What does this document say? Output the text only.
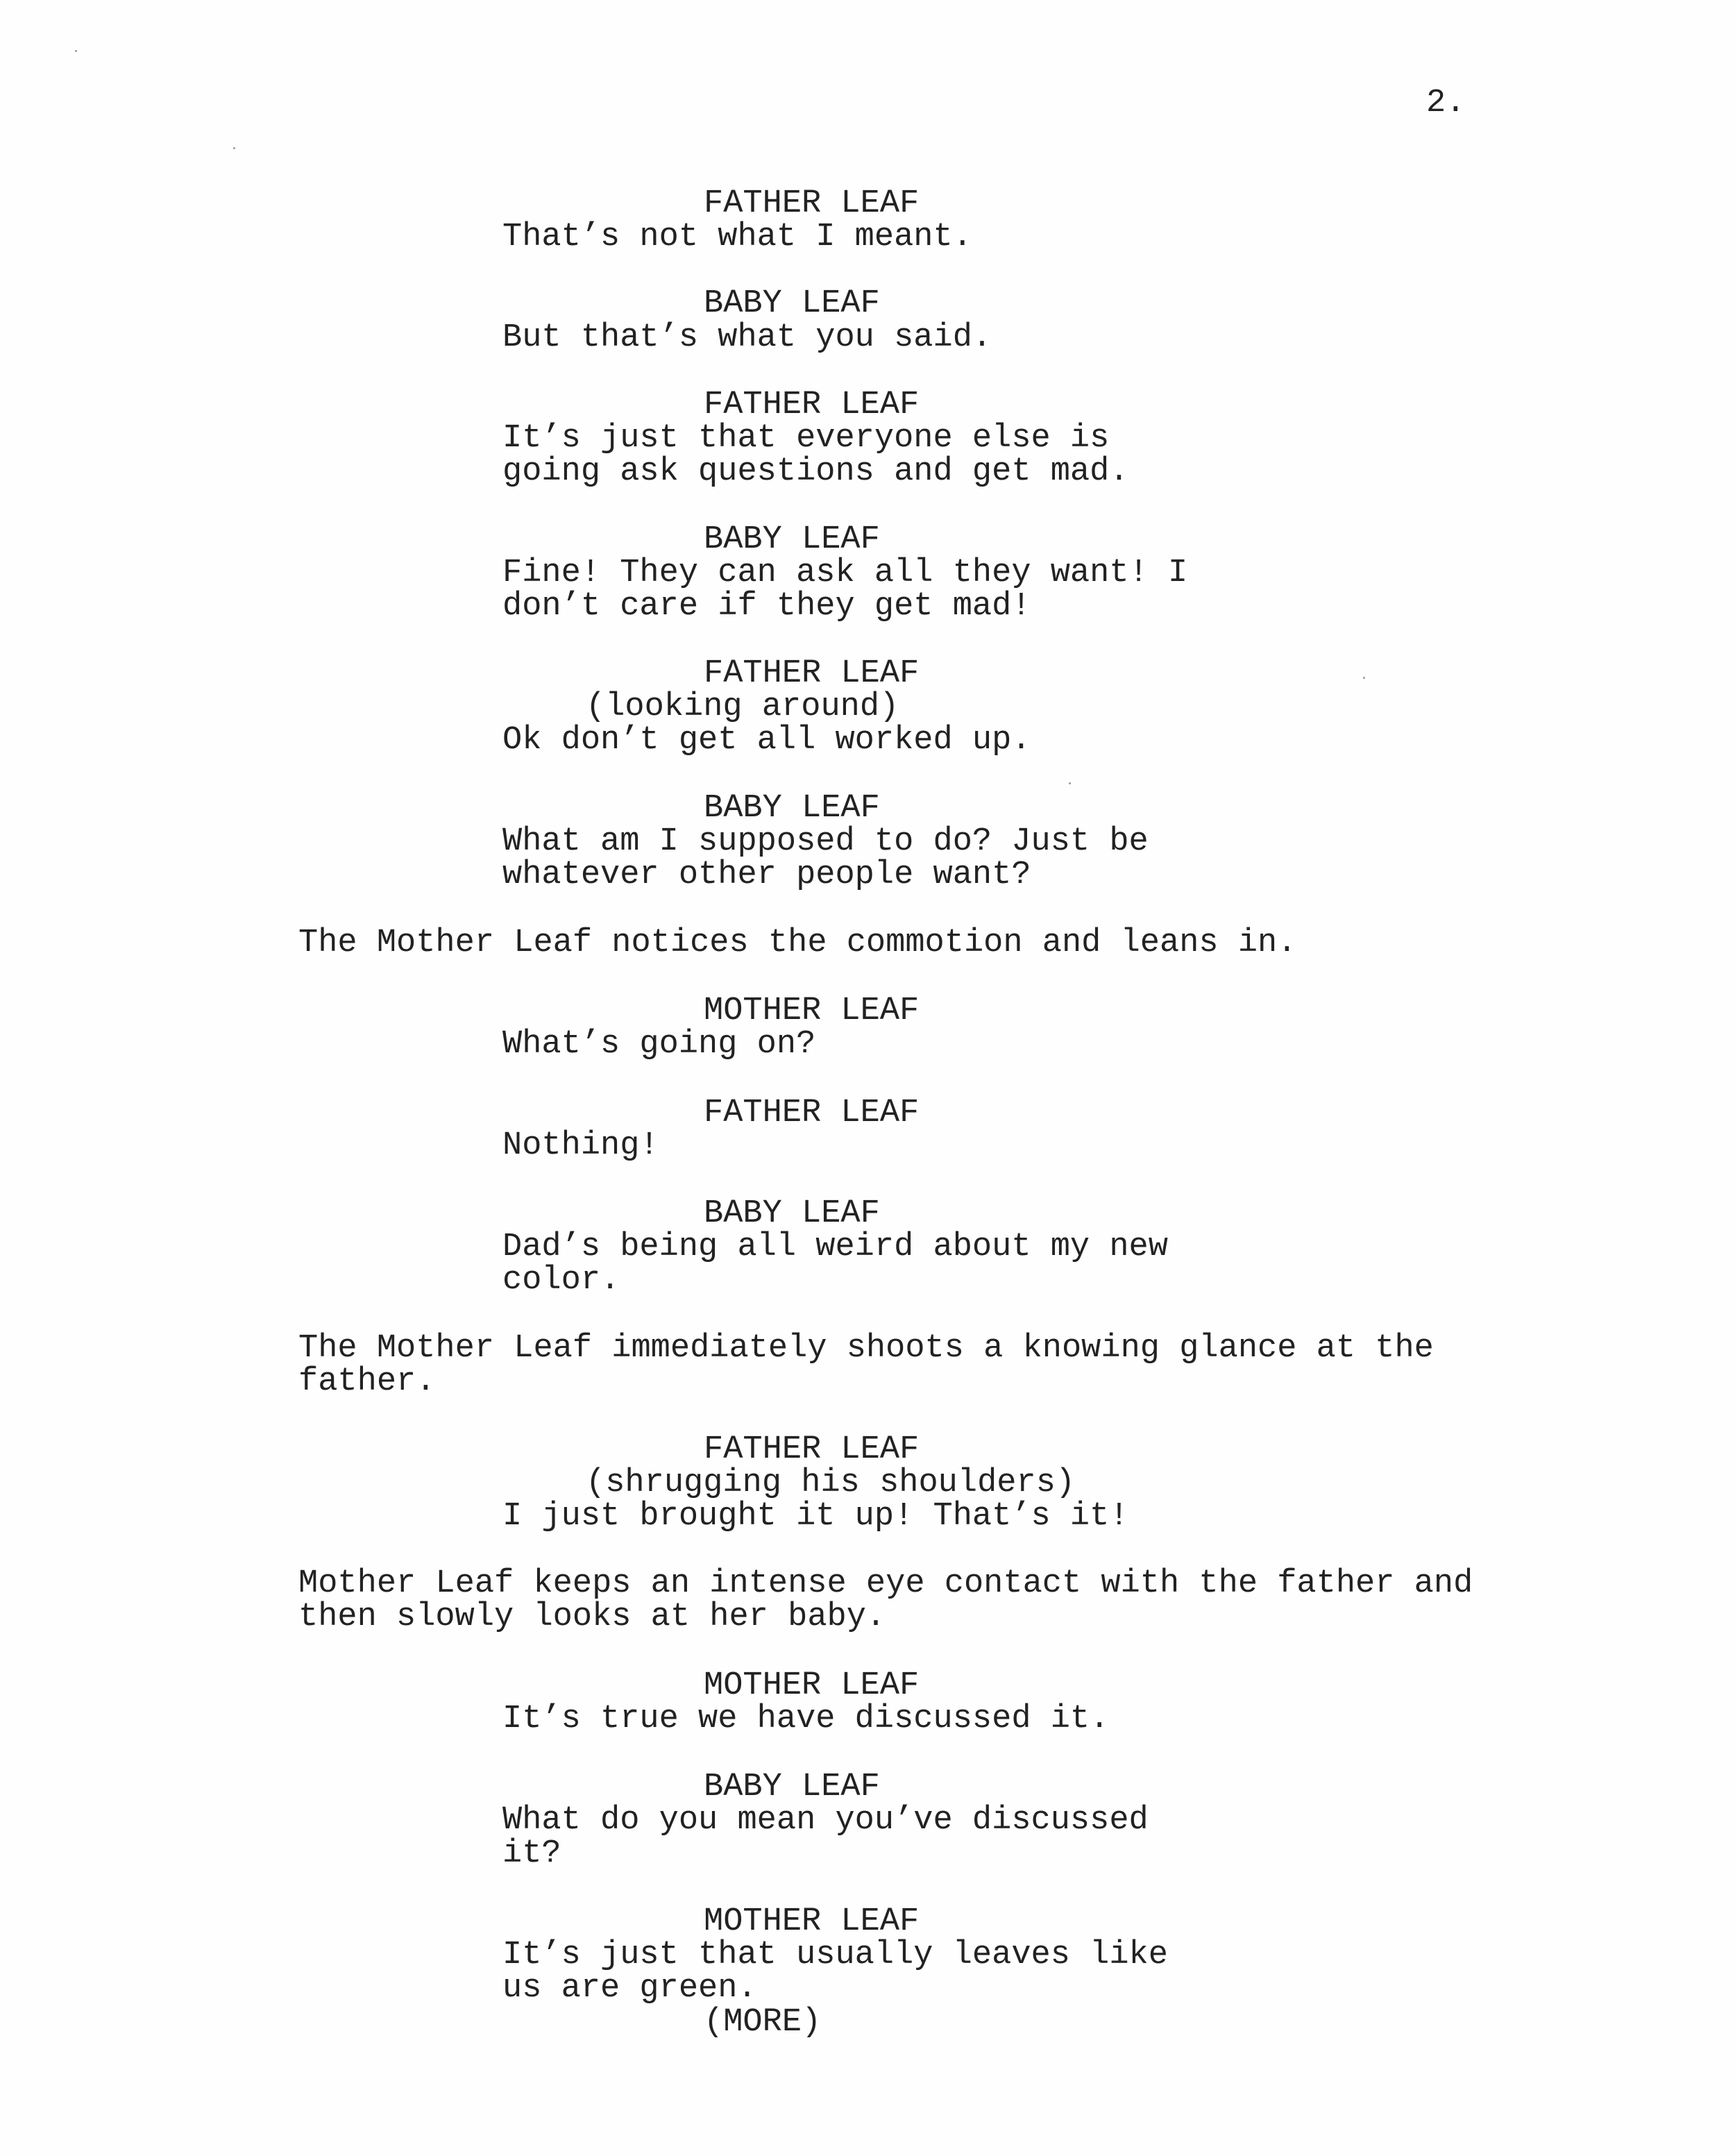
2.
FATHER LEAF
That’s not what I meant.
BABY LEAF
But that’s what you said.
FATHER LEAF
It’s just that everyone else is
going ask questions and get mad.
BABY LEAF
Fine! They can ask all they want! I
don’t care if they get mad!
FATHER LEAF
(looking around)
Ok don’t get all worked up.
BABY LEAF
What am I supposed to do? Just be
whatever other people want?
The Mother Leaf notices the commotion and leans in.
MOTHER LEAF
What’s going on?
FATHER LEAF
Nothing!
BABY LEAF
Dad’s being all weird about my new
color.
The Mother Leaf immediately shoots a knowing glance at the
father.
FATHER LEAF
(shrugging his shoulders)
I just brought it up! That’s it!
Mother Leaf keeps an intense eye contact with the father and
then slowly looks at her baby.
MOTHER LEAF
It’s true we have discussed it.
BABY LEAF
What do you mean you’ve discussed
it?
MOTHER LEAF
It’s just that usually leaves like
us are green.
(MORE)
